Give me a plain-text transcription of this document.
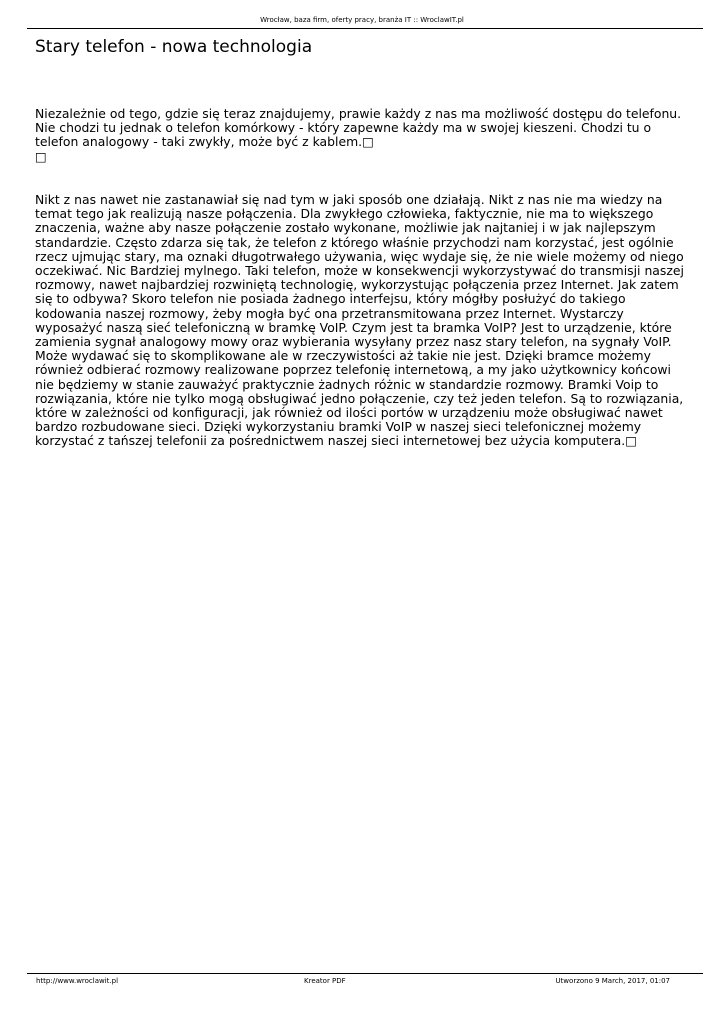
Wrocław, baza firm, oferty pracy, branża IT :: WroclawIT.pl
Stary telefon - nowa technologia

Niezależnie od tego, gdzie się teraz znajdujemy, prawie każdy z nas ma możliwość dostępu do telefonu.
Nie chodzi tu jednak o telefon komórkowy - który zapewne każdy ma w swojej kieszeni. Chodzi tu o
telefon analogowy - taki zwykły, może być z kablem.□
□

Nikt z nas nawet nie zastanawiał się nad tym w jaki sposób one działają. Nikt z nas nie ma wiedzy na
temat tego jak realizują nasze połączenia. Dla zwykłego człowieka, faktycznie, nie ma to większego
znaczenia, ważne aby nasze połączenie zostało wykonane, możliwie jak najtaniej i w jak najlepszym
standardzie. Często zdarza się tak, że telefon z którego właśnie przychodzi nam korzystać, jest ogólnie
rzecz ujmując stary, ma oznaki długotrwałego używania, więc wydaje się, że nie wiele możemy od niego
oczekiwać. Nic Bardziej mylnego. Taki telefon, może w konsekwencji wykorzystywać do transmisji naszej
rozmowy, nawet najbardziej rozwiniętą technologię, wykorzystując połączenia przez Internet. Jak zatem
się to odbywa? Skoro telefon nie posiada żadnego interfejsu, który mógłby posłużyć do takiego
kodowania naszej rozmowy, żeby mogła być ona przetransmitowana przez Internet. Wystarczy
wyposażyć naszą sieć telefoniczną w bramkę VoIP. Czym jest ta bramka VoIP? Jest to urządzenie, które
zamienia sygnał analogowy mowy oraz wybierania wysyłany przez nasz stary telefon, na sygnały VoIP.
Może wydawać się to skomplikowane ale w rzeczywistości aż takie nie jest. Dzięki bramce możemy
również odbierać rozmowy realizowane poprzez telefonię internetową, a my jako użytkownicy końcowi
nie będziemy w stanie zauważyć praktycznie żadnych różnic w standardzie rozmowy. Bramki Voip to
rozwiązania, które nie tylko mogą obsługiwać jedno połączenie, czy też jeden telefon. Są to rozwiązania,
które w zależności od konfiguracji, jak również od ilości portów w urządzeniu może obsługiwać nawet
bardzo rozbudowane sieci. Dzięki wykorzystaniu bramki VoIP w naszej sieci telefonicznej możemy
korzystać z tańszej telefonii za pośrednictwem naszej sieci internetowej bez użycia komputera.□

http://www.wroclawit.pl	Kreator PDF	Utworzono 9 March, 2017, 01:07
